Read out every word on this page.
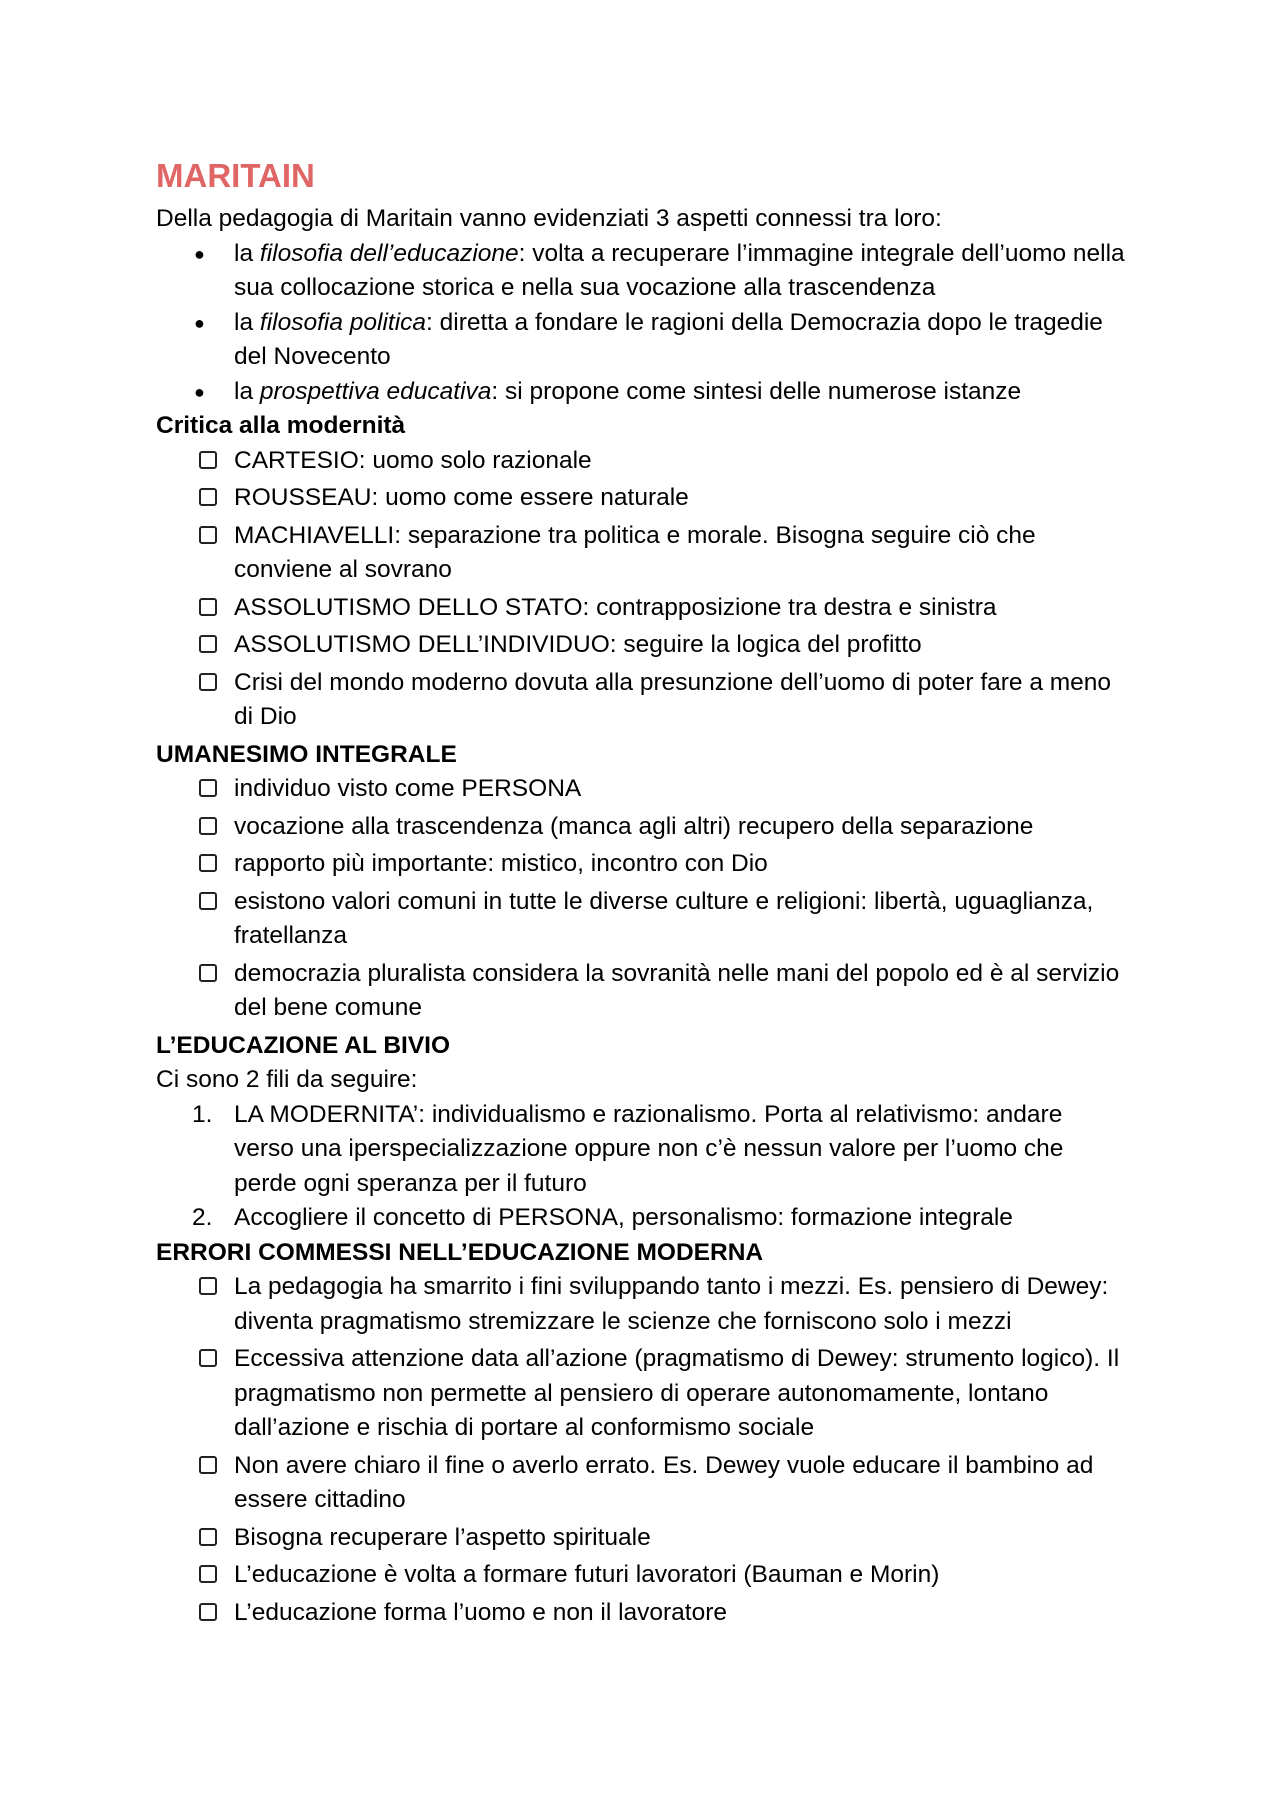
MARITAIN

Della pedagogia di Maritain vanno evidenziati 3 aspetti connessi tra loro:

● la filosofia dell’educazione: volta a recuperare l’immagine integrale dell’uomo nella sua collocazione storica e nella sua vocazione alla trascendenza
● la filosofia politica: diretta a fondare le ragioni della Democrazia dopo le tragedie del Novecento
● la prospettiva educativa: si propone come sintesi delle numerose istanze

Critica alla modernità

CARTESIO: uomo solo razionale
ROUSSEAU: uomo come essere naturale
MACHIAVELLI: separazione tra politica e morale. Bisogna seguire ciò che conviene al sovrano
ASSOLUTISMO DELLO STATO: contrapposizione tra destra e sinistra
ASSOLUTISMO DELL’INDIVIDUO: seguire la logica del profitto
Crisi del mondo moderno dovuta alla presunzione dell’uomo di poter fare a meno di Dio

UMANESIMO INTEGRALE

individuo visto come PERSONA
vocazione alla trascendenza (manca agli altri) recupero della separazione
rapporto più importante: mistico, incontro con Dio
esistono valori comuni in tutte le diverse culture e religioni: libertà, uguaglianza, fratellanza
democrazia pluralista considera la sovranità nelle mani del popolo ed è al servizio del bene comune

L’EDUCAZIONE AL BIVIO

Ci sono 2 fili da seguire:

1. LA MODERNITA’: individualismo e razionalismo. Porta al relativismo: andare verso una iperspecializzazione oppure non c’è nessun valore per l’uomo che perde ogni speranza per il futuro
2. Accogliere il concetto di PERSONA, personalismo: formazione integrale

ERRORI COMMESSI NELL’EDUCAZIONE MODERNA

La pedagogia ha smarrito i fini sviluppando tanto i mezzi. Es. pensiero di Dewey: diventa pragmatismo stremizzare le scienze che forniscono solo i mezzi
Eccessiva attenzione data all’azione (pragmatismo di Dewey: strumento logico). Il pragmatismo non permette al pensiero di operare autonomamente, lontano dall’azione e rischia di portare al conformismo sociale
Non avere chiaro il fine o averlo errato. Es. Dewey vuole educare il bambino ad essere cittadino
Bisogna recuperare l’aspetto spirituale
L’educazione è volta a formare futuri lavoratori (Bauman e Morin)
L’educazione forma l’uomo e non il lavoratore
